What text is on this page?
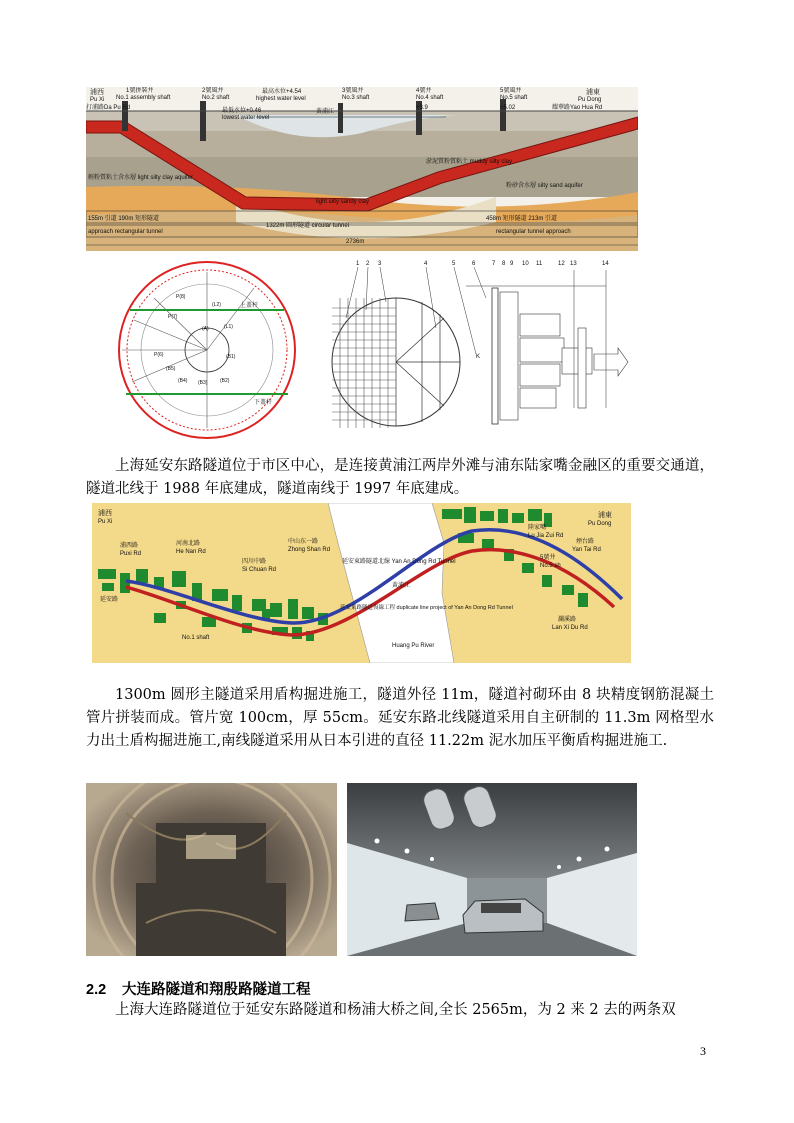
浦西
Pu Xi
打浦路Da Pu Rd
1號拼裝井
No.1 assembly shaft
2號風井
No.2 shaft
最高水位+4.54
highest water level
最低水位+0.46
lowest water level
黃浦江
3號風井
No.3 shaft
4號井
No.4 shaft
+3.9
5號風井
No.5 shaft
+5.02
浦東
Pu Dong
耀華路Yao Hua Rd
淤泥質粉質粘土 muddy silty clay
輕粉質粘土含水層 light silty clay aquifer
粉砂含水層 silty sand aquifer
light silty sandy clay
155m 引道 190m 矩形隧道
approach rectangular tunnel
1322m 圓形隧道 circular tunnel
458m 矩形隧道 213m 引道
rectangular tunnel approach
2736m
上盖杆
下盖杆
P(8)
P(7)
P(6)
(L2)
(L1)
(B1)
(B2)
(B3)
(B4)
(B5)
(A)
1 2 3	4	5	6	7 8 9 10 11	12 13	14
K
上海延安东路隧道位于市区中心，是连接黄浦江两岸外滩与浦东陆家嘴金融区的重要交通道，隧道北线于 1988 年底建成，隧道南线于 1997 年底建成。
浦西
Pu Xi
浦西路
Puxi Rd
河南北路
He Nan Rd
四川中路
Si Chuan Rd
中山东一路
Zhong Shan Rd
延安東路隧道北線 Yan An Dong Rd Tunnel
延安東路隧道復線工程 duplicate line project of Yan An Dong Rd Tunnel
黃浦江
Huang Pu River
陸家嘴
Lu Jia Zui Rd
浦東
Pu Dong
煙台路
Yan Tai Rd
5號井
No.5 sh
瀾溪路
Lan Xi Du Rd
延安路
No.1 shaft
1300m 圆形主隧道采用盾构掘进施工，隧道外径 11m，隧道衬砌环由 8 块精度钢筋混凝土管片拼装而成。管片宽 100cm，厚 55cm。延安东路北线隧道采用自主研制的 11.3m 网格型水力出土盾构掘进施工,南线隧道采用从日本引进的直径 11.22m 泥水加压平衡盾构掘进施工.
2.2 大连路隧道和翔殷路隧道工程
上海大连路隧道位于延安东路隧道和杨浦大桥之间,全长 2565m，为 2 来 2 去的两条双
3
